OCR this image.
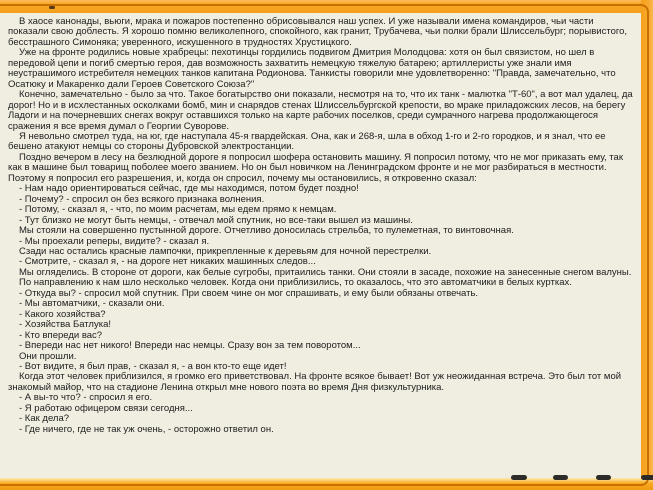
В хаосе канонады, вьюги, мрака и пожаров постепенно обрисовывался наш успех. И уже называли имена командиров, чьи части показали свою доблесть. Я хорошо помню великолепного, спокойного, как гранит, Трубачева, чьи полки брали Шлиссельбург; порывистого, бесстрашного Симоняка; уверенного, искушенного в трудностях Хрустицкого.

Уже на фронте родились новые храбрецы: пехотинцы гордились подвигом Дмитрия Молодцова: хотя он был связистом, но шел в передовой цепи и погиб смертью героя, дав возможность захватить немецкую тяжелую батарею; артиллеристы уже знали имя неустрашимого истребителя немецких танков капитана Родионова. Танкисты говорили мне удовлетворенно: "Правда, замечательно, что Осатюку и Макаренко дали Героев Советского Союза?"

Конечно, замечательно - было за что. Такое богатырство они показали, несмотря на то, что их танк - малютка "Т-60", а вот мал удалец, да дорог! Но и в исхлестанных осколками бомб, мин и снарядов стенах Шлиссельбургской крепости, во мраке приладожских лесов, на берегу Ладоги и на почерневших снегах вокруг оставшихся только на карте рабочих поселков, среди сумрачного нагрева продолжающегося сражения я все время думал о Георгии Суворове.

Я невольно смотрел туда, на юг, где наступала 45-я гвардейская. Она, как и 268-я, шла в обход 1-го и 2-го городков, и я знал, что ее бешено атакуют немцы со стороны Дубровской электростанции.

Поздно вечером в лесу на безлюдной дороге я попросил шофера остановить машину. Я попросил потому, что не мог приказать ему, так как в машине был товарищ поболее моего званием. Но он был новичком на Ленинградском фронте и не мог разбираться в местности. Поэтому я попросил его разрешения, и, когда он спросил, почему мы остановились, я откровенно сказал:

- Нам надо ориентироваться сейчас, где мы находимся, потом будет поздно!

- Почему? - спросил он без всякого признака волнения.

- Потому, - сказал я, - что, по моим расчетам, мы едем прямо к немцам.

- Тут близко не могут быть немцы, - отвечал мой спутник, но все-таки вышел из машины.

Мы стояли на совершенно пустынной дороге. Отчетливо доносилась стрельба, то пулеметная, то винтовочная.

- Мы проехали реперы, видите? - сказал я.

Сзади нас остались красные лампочки, прикрепленные к деревьям для ночной перестрелки.

- Смотрите, - сказал я, - на дороге нет никаких машинных следов...

Мы огляделись. В стороне от дороги, как белые сугробы, притаились танки. Они стояли в засаде, похожие на занесенные снегом валуны.

По направлению к нам шло несколько человек. Когда они приблизились, то оказалось, что это автоматчики в белых куртках.

- Откуда вы? - спросил мой спутник. При своем чине он мог спрашивать, и ему были обязаны отвечать.

- Мы автоматчики, - сказали они.

- Какого хозяйства?

- Хозяйства Батлука!

- Кто впереди вас?

- Впереди нас нет никого! Впереди нас немцы. Сразу вон за тем поворотом...

Они прошли.

- Вот видите, я был прав, - сказал я, - а вон кто-то еще идет!

Когда этот человек приблизился, я громко его приветствовал. На фронте всякое бывает! Вот уж неожиданная встреча. Это был тот мой знакомый майор, что на стадионе Ленина открыл мне нового поэта во время Дня физкультурника.

- А вы-то что? - спросил я его.

- Я работаю офицером связи сегодня...

- Как дела?

- Где ничего, где не так уж очень, - осторожно ответил он.
